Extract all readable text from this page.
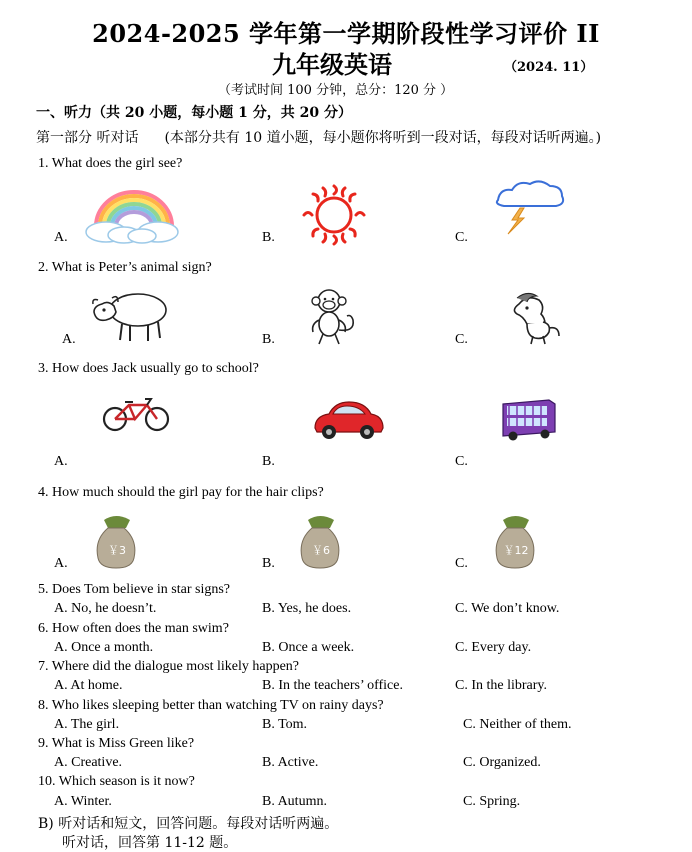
2024-2025 学年第一学期阶段性学习评价 II
九年级英语	（2024. 11）
（考试时间 100 分钟，总分：120 分 ）
一、听力（共 20 小题，每小题 1 分，共 20 分）
第一部分 听对话 (本部分共有 10 道小题，每小题你将听到一段对话，每段对话听两遍。)
1. What does the girl see?
A.	B.	C.
2. What is Peter’s animal sign?
A.	B.	C.
3. How does Jack usually go to school?
A.	B.	C.
4. How much should the girl pay for the hair clips?
A.	B.	C.
￥3	￥6	￥12
5. Does Tom believe in star signs?
A. No, he doesn’t.	B. Yes, he does.	C. We don’t know.
6. How often does the man swim?
A. Once a month.	B. Once a week.	C. Every day.
7. Where did the dialogue most likely happen?
A. At home.	B. In the teachers’ office.	C. In the library.
8. Who likes sleeping better than watching TV on rainy days?
A. The girl.	B. Tom.	C. Neither of them.
9. What is Miss Green like?
A. Creative.	B. Active.	C. Organized.
10. Which season is it now?
A. Winter.	B. Autumn.	C. Spring.
B) 听对话和短文，回答问题。每段对话听两遍。
听对话，回答第 11-12 题。
